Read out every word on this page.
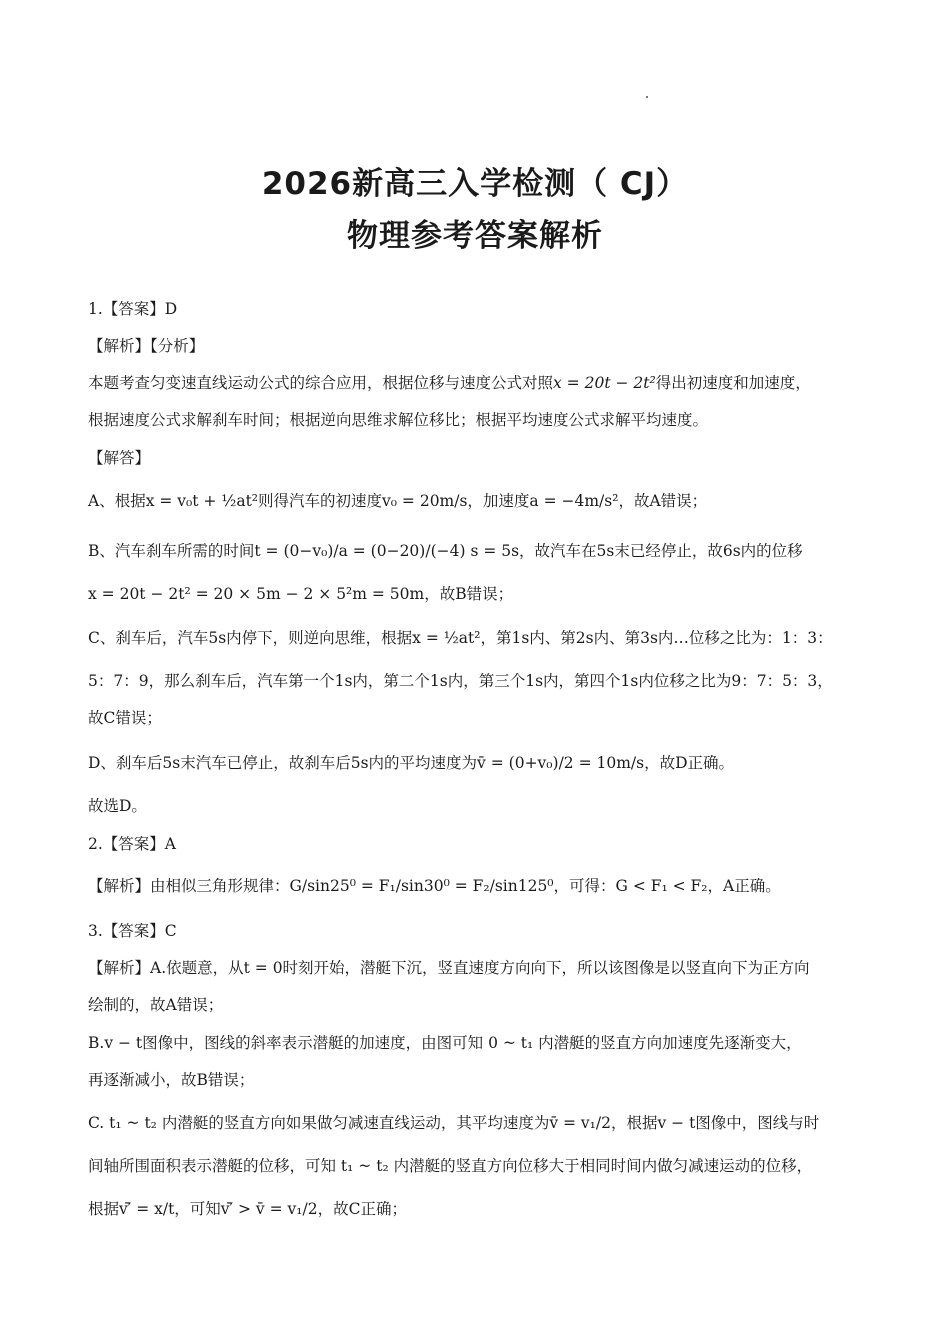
2026新高三入学检测（ CJ）
物理参考答案解析
1.【答案】D
【解析】【分析】
本题考查匀变速直线运动公式的综合应用，根据位移与速度公式对照x = 20t − 2t²得出初速度和加速度，
根据速度公式求解刹车时间；根据逆向思维求解位移比；根据平均速度公式求解平均速度。
【解答】
A、根据x = v₀t + ½at²则得汽车的初速度v₀ = 20m/s，加速度a = −4m/s²，故A错误；
B、汽车刹车所需的时间t = (0−v₀)/a = (0−20)/(−4) s = 5s，故汽车在5s末已经停止，故6s内的位移
x = 20t − 2t² = 20 × 5m − 2 × 5²m = 50m，故B错误；
C、刹车后，汽车5s内停下，则逆向思维，根据x = ½at²，第1s内、第2s内、第3s内…位移之比为：1：3：
5：7：9，那么刹车后，汽车第一个1s内，第二个1s内，第三个1s内，第四个1s内位移之比为9：7：5：3，
故C错误；
D、刹车后5s末汽车已停止，故刹车后5s内的平均速度为v̄ = (0+v₀)/2 = 10m/s，故D正确。
故选D。
2.【答案】A
【解析】由相似三角形规律：G/sin25⁰ = F₁/sin30⁰ = F₂/sin125⁰，可得：G < F₁ < F₂，A正确。
3.【答案】C
【解析】A.依题意，从t = 0时刻开始，潜艇下沉，竖直速度方向向下，所以该图像是以竖直向下为正方向
绘制的，故A错误；
B.v − t图像中，图线的斜率表示潜艇的加速度，由图可知 0 ~ t₁ 内潜艇的竖直方向加速度先逐渐变大，
再逐渐减小，故B错误；
C. t₁ ~ t₂ 内潜艇的竖直方向如果做匀减速直线运动，其平均速度为v̄ = v₁/2，根据v − t图像中，图线与时
间轴所围面积表示潜艇的位移，可知 t₁ ~ t₂ 内潜艇的竖直方向位移大于相同时间内做匀减速运动的位移，
根据v′̄ = x/t，可知v′̄ > v̄ = v₁/2，故C正确；
